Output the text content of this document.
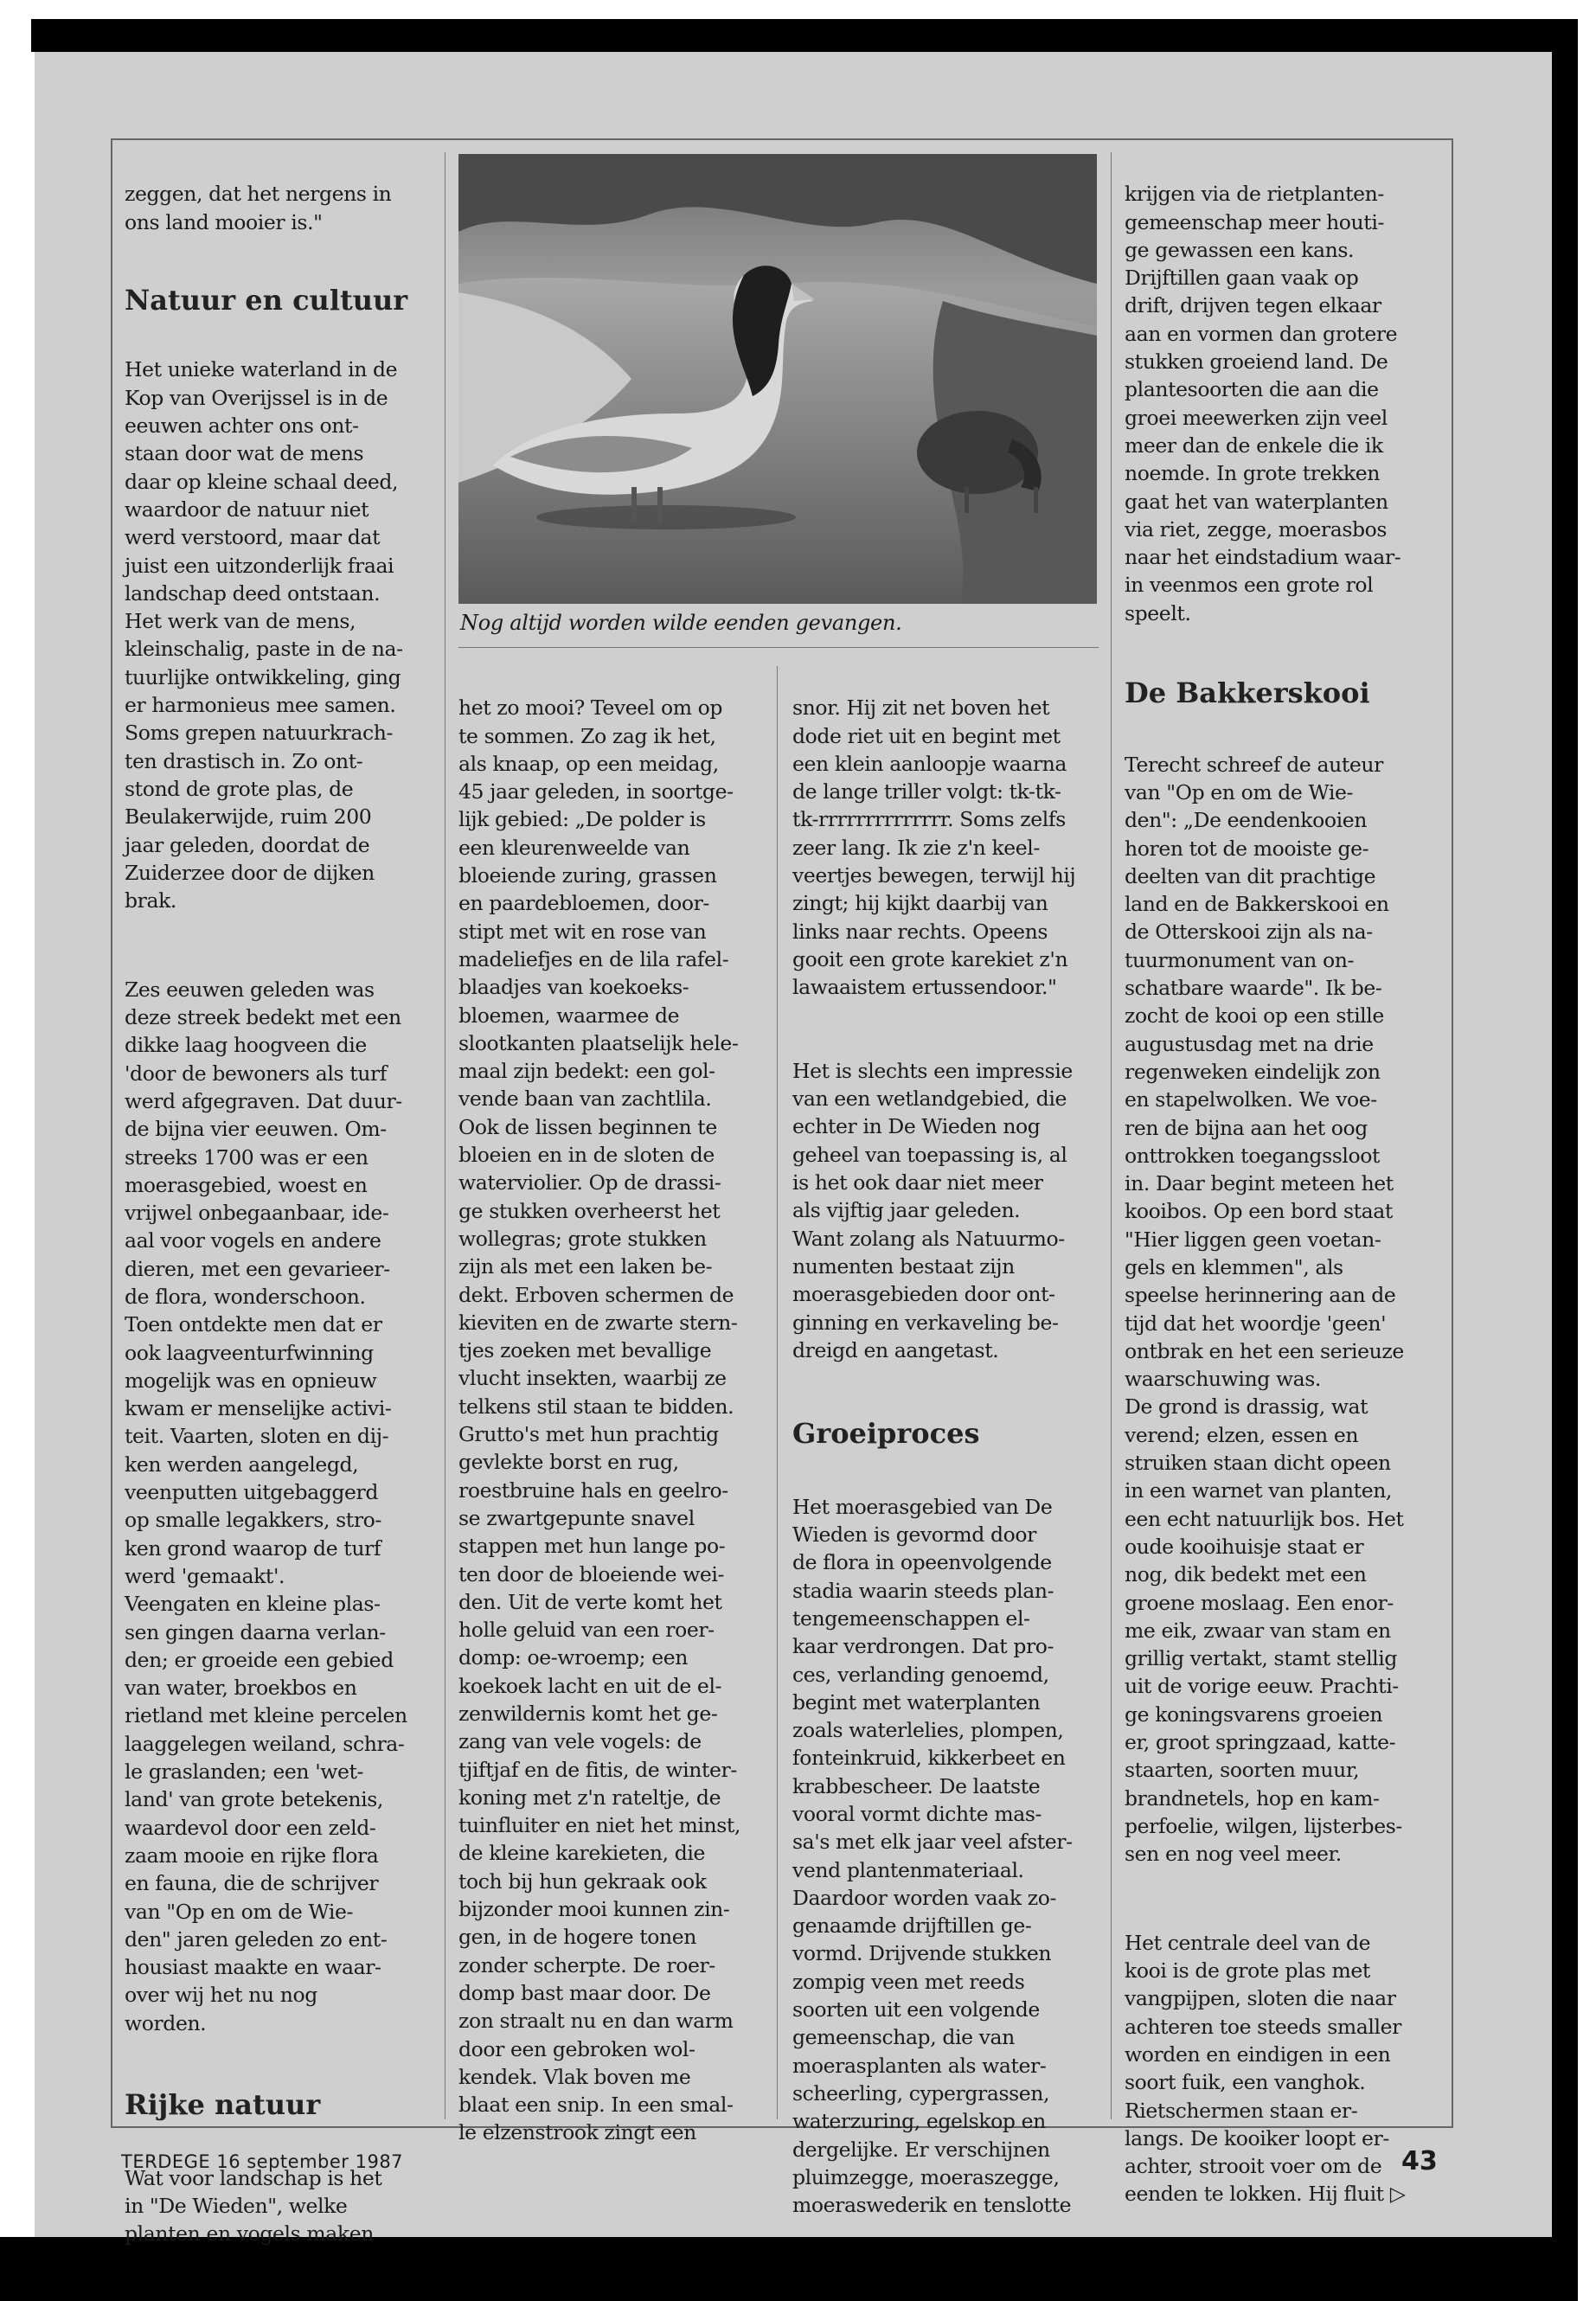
zeggen, dat het nergens in
ons land mooier is."

Natuur en cultuur

Het unieke waterland in de
Kop van Overijssel is in de
eeuwen achter ons ont-
staan door wat de mens
daar op kleine schaal deed,
waardoor de natuur niet
werd verstoord, maar dat
juist een uitzonderlijk fraai
landschap deed ontstaan.
Het werk van de mens,
kleinschalig, paste in de na-
tuurlijke ontwikkeling, ging
er harmonieus mee samen.
Soms grepen natuurkrach-
ten drastisch in. Zo ont-
stond de grote plas, de
Beulakerwijde, ruim 200
jaar geleden, doordat de
Zuiderzee door de dijken
brak.

Zes eeuwen geleden was
deze streek bedekt met een
dikke laag hoogveen die
'door de bewoners als turf
werd afgegraven. Dat duur-
de bijna vier eeuwen. Om-
streeks 1700 was er een
moerasgebied, woest en
vrijwel onbegaanbaar, ide-
aal voor vogels en andere
dieren, met een gevarieer-
de flora, wonderschoon.
Toen ontdekte men dat er
ook laagveenturfwinning
mogelijk was en opnieuw
kwam er menselijke activi-
teit. Vaarten, sloten en dij-
ken werden aangelegd,
veenputten uitgebaggerd
op smalle legakkers, stro-
ken grond waarop de turf
werd 'gemaakt'.
Veengaten en kleine plas-
sen gingen daarna verlan-
den; er groeide een gebied
van water, broekbos en
rietland met kleine percelen
laaggelegen weiland, schra-
le graslanden; een 'wet-
land' van grote betekenis,
waardevol door een zeld-
zaam mooie en rijke flora
en fauna, die de schrijver
van "Op en om de Wie-
den" jaren geleden zo ent-
housiast maakte en waar-
over wij het nu nog
worden.

Rijke natuur

Wat voor landschap is het
in "De Wieden", welke
planten en vogels maken

Nog altijd worden wilde eenden gevangen.

het zo mooi? Teveel om op
te sommen. Zo zag ik het,
als knaap, op een meidag,
45 jaar geleden, in soortge-
lijk gebied: „De polder is
een kleurenweelde van
bloeiende zuring, grassen
en paardebloemen, door-
stipt met wit en rose van
madeliefjes en de lila rafel-
blaadjes van koekoeks-
bloemen, waarmee de
slootkanten plaatselijk hele-
maal zijn bedekt: een gol-
vende baan van zachtlila.
Ook de lissen beginnen te
bloeien en in de sloten de
waterviolier. Op de drassi-
ge stukken overheerst het
wollegras; grote stukken
zijn als met een laken be-
dekt. Erboven schermen de
kieviten en de zwarte stern-
tjes zoeken met bevallige
vlucht insekten, waarbij ze
telkens stil staan te bidden.
Grutto's met hun prachtig
gevlekte borst en rug,
roestbruine hals en geelro-
se zwartgepunte snavel
stappen met hun lange po-
ten door de bloeiende wei-
den. Uit de verte komt het
holle geluid van een roer-
domp: oe-wroemp; een
koekoek lacht en uit de el-
zenwildernis komt het ge-
zang van vele vogels: de
tjiftjaf en de fitis, de winter-
koning met z'n rateltje, de
tuinfluiter en niet het minst,
de kleine karekieten, die
toch bij hun gekraak ook
bijzonder mooi kunnen zin-
gen, in de hogere tonen
zonder scherpte. De roer-
domp bast maar door. De
zon straalt nu en dan warm
door een gebroken wol-
kendek. Vlak boven me
blaat een snip. In een smal-
le elzenstrook zingt een

snor. Hij zit net boven het
dode riet uit en begint met
een klein aanloopje waarna
de lange triller volgt: tk-tk-
tk-rrrrrrrrrrrrrr. Soms zelfs
zeer lang. Ik zie z'n keel-
veertjes bewegen, terwijl hij
zingt; hij kijkt daarbij van
links naar rechts. Opeens
gooit een grote karekiet z'n
lawaaistem ertussendoor."

Het is slechts een impressie
van een wetlandgebied, die
echter in De Wieden nog
geheel van toepassing is, al
is het ook daar niet meer
als vijftig jaar geleden.
Want zolang als Natuurmo-
numenten bestaat zijn
moerasgebieden door ont-
ginning en verkaveling be-
dreigd en aangetast.

Groeiproces

Het moerasgebied van De
Wieden is gevormd door
de flora in opeenvolgende
stadia waarin steeds plan-
tengemeenschappen el-
kaar verdrongen. Dat pro-
ces, verlanding genoemd,
begint met waterplanten
zoals waterlelies, plompen,
fonteinkruid, kikkerbeet en
krabbescheer. De laatste
vooral vormt dichte mas-
sa's met elk jaar veel afster-
vend plantenmateriaal.
Daardoor worden vaak zo-
genaamde drijftillen ge-
vormd. Drijvende stukken
zompig veen met reeds
soorten uit een volgende
gemeenschap, die van
moerasplanten als water-
scheerling, cypergrassen,
waterzuring, egelskop en
dergelijke. Er verschijnen
pluimzegge, moeraszegge,
moeraswederik en tenslotte

krijgen via de rietplanten-
gemeenschap meer houti-
ge gewassen een kans.
Drijftillen gaan vaak op
drift, drijven tegen elkaar
aan en vormen dan grotere
stukken groeiend land. De
plantesoorten die aan die
groei meewerken zijn veel
meer dan de enkele die ik
noemde. In grote trekken
gaat het van waterplanten
via riet, zegge, moerasbos
naar het eindstadium waar-
in veenmos een grote rol
speelt.

De Bakkerskooi

Terecht schreef de auteur
van "Op en om de Wie-
den": „De eendenkooien
horen tot de mooiste ge-
deelten van dit prachtige
land en de Bakkerskooi en
de Otterskooi zijn als na-
tuurmonument van on-
schatbare waarde". Ik be-
zocht de kooi op een stille
augustusdag met na drie
regenweken eindelijk zon
en stapelwolken. We voe-
ren de bijna aan het oog
onttrokken toegangssloot
in. Daar begint meteen het
kooibos. Op een bord staat
"Hier liggen geen voetan-
gels en klemmen", als
speelse herinnering aan de
tijd dat het woordje 'geen'
ontbrak en het een serieuze
waarschuwing was.
De grond is drassig, wat
verend; elzen, essen en
struiken staan dicht opeen
in een warnet van planten,
een echt natuurlijk bos. Het
oude kooihuisje staat er
nog, dik bedekt met een
groene moslaag. Een enor-
me eik, zwaar van stam en
grillig vertakt, stamt stellig
uit de vorige eeuw. Prachti-
ge koningsvarens groeien
er, groot springzaad, katte-
staarten, soorten muur,
brandnetels, hop en kam-
perfoelie, wilgen, lijsterbes-
sen en nog veel meer.

Het centrale deel van de
kooi is de grote plas met
vangpijpen, sloten die naar
achteren toe steeds smaller
worden en eindigen in een
soort fuik, een vanghok.
Rietschermen staan er-
langs. De kooiker loopt er-
achter, strooit voer om de
eenden te lokken. Hij fluit ▷

TERDEGE 16 september 1987	43
